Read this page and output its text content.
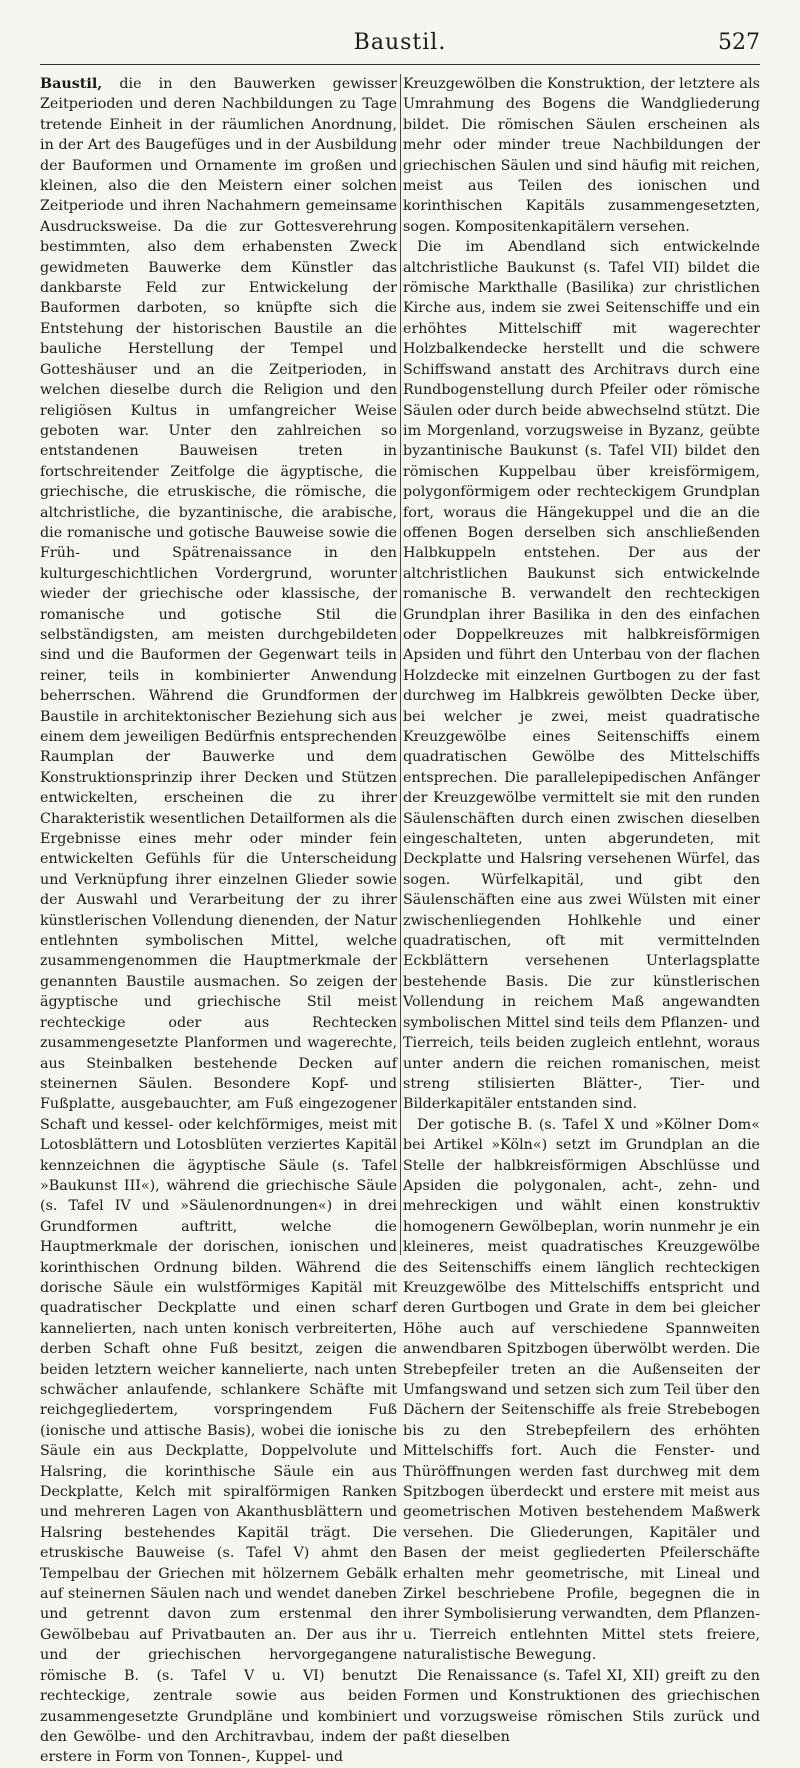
Baustil.	527

Baustil, die in den Bauwerken gewisser Zeitperioden und deren Nachbildungen zu Tage tretende Einheit in der räumlichen Anordnung, in der Art des Baugefüges und in der Ausbildung der Bauformen und Ornamente im großen und kleinen, also die den Meistern einer solchen Zeitperiode und ihren Nachahmern gemeinsame Ausdrucksweise. Da die zur Gottesverehrung bestimmten, also dem erhabensten Zweck gewidmeten Bauwerke dem Künstler das dankbarste Feld zur Entwickelung der Bauformen darboten, so knüpfte sich die Entstehung der historischen Baustile an die bauliche Herstellung der Tempel und Gotteshäuser und an die Zeitperioden, in welchen dieselbe durch die Religion und den religiösen Kultus in umfangreicher Weise geboten war. Unter den zahlreichen so entstandenen Bauweisen treten in fortschreitender Zeitfolge die ägyptische, die griechische, die etruskische, die römische, die altchristliche, die byzantinische, die arabische, die romanische und gotische Bauweise sowie die Früh- und Spätrenaissance in den kulturgeschichtlichen Vordergrund, worunter wieder der griechische oder klassische, der romanische und gotische Stil die selbständigsten, am meisten durchgebildeten sind und die Bauformen der Gegenwart teils in reiner, teils in kombinierter Anwendung beherrschen. Während die Grundformen der Baustile in architektonischer Beziehung sich aus einem dem jeweiligen Bedürfnis entsprechenden Raumplan der Bauwerke und dem Konstruktionsprinzip ihrer Decken und Stützen entwickelten, erscheinen die zu ihrer Charakteristik wesentlichen Detailformen als die Ergebnisse eines mehr oder minder fein entwickelten Gefühls für die Unterscheidung und Verknüpfung ihrer einzelnen Glieder sowie der Auswahl und Verarbeitung der zu ihrer künstlerischen Vollendung dienenden, der Natur entlehnten symbolischen Mittel, welche zusammengenommen die Hauptmerkmale der genannten Baustile ausmachen. So zeigen der ägyptische und griechische Stil meist rechteckige oder aus Rechtecken zusammengesetzte Planformen und wagerechte, aus Steinbalken bestehende Decken auf steinernen Säulen. Besondere Kopf- und Fußplatte, ausgebauchter, am Fuß eingezogener Schaft und kessel- oder kelchförmiges, meist mit Lotosblättern und Lotosblüten verziertes Kapitäl kennzeichnen die ägyptische Säule (s. Tafel »Baukunst III«), während die griechische Säule (s. Tafel IV und »Säulenordnungen«) in drei Grundformen auftritt, welche die Hauptmerkmale der dorischen, ionischen und korinthischen Ordnung bilden. Während die dorische Säule ein wulstförmiges Kapitäl mit quadratischer Deckplatte und einen scharf kannelierten, nach unten konisch verbreiterten, derben Schaft ohne Fuß besitzt, zeigen die beiden letztern weicher kannelierte, nach unten schwächer anlaufende, schlankere Schäfte mit reichgegliedertem, vorspringendem Fuß (ionische und attische Basis), wobei die ionische Säule ein aus Deckplatte, Doppelvolute und Halsring, die korinthische Säule ein aus Deckplatte, Kelch mit spiralförmigen Ranken und mehreren Lagen von Akanthusblättern und Halsring bestehendes Kapitäl trägt. Die etruskische Bauweise (s. Tafel V) ahmt den Tempelbau der Griechen mit hölzernem Gebälk auf steinernen Säulen nach und wendet daneben und getrennt davon zum erstenmal den Gewölbebau auf Privatbauten an. Der aus ihr und der griechischen hervorgegangene römische B. (s. Tafel V u. VI) benutzt rechteckige, zentrale sowie aus beiden zusammengesetzte Grundpläne und kombiniert den Gewölbe- und den Architravbau, indem der erstere in Form von Tonnen-, Kuppel- und

Kreuzgewölben die Konstruktion, der letztere als Umrahmung des Bogens die Wandgliederung bildet. Die römischen Säulen erscheinen als mehr oder minder treue Nachbildungen der griechischen Säulen und sind häufig mit reichen, meist aus Teilen des ionischen und korinthischen Kapitäls zusammengesetzten, sogen. Kompositenkapitälern versehen.

Die im Abendland sich entwickelnde altchristliche Baukunst (s. Tafel VII) bildet die römische Markthalle (Basilika) zur christlichen Kirche aus, indem sie zwei Seitenschiffe und ein erhöhtes Mittelschiff mit wagerechter Holzbalkendecke herstellt und die schwere Schiffswand anstatt des Architravs durch eine Rundbogenstellung durch Pfeiler oder römische Säulen oder durch beide abwechselnd stützt. Die im Morgenland, vorzugsweise in Byzanz, geübte byzantinische Baukunst (s. Tafel VII) bildet den römischen Kuppelbau über kreisförmigem, polygonförmigem oder rechteckigem Grundplan fort, woraus die Hängekuppel und die an die offenen Bogen derselben sich anschließenden Halbkuppeln entstehen. Der aus der altchristlichen Baukunst sich entwickelnde romanische B. verwandelt den rechteckigen Grundplan ihrer Basilika in den des einfachen oder Doppelkreuzes mit halbkreisförmigen Apsiden und führt den Unterbau von der flachen Holzdecke mit einzelnen Gurtbogen zu der fast durchweg im Halbkreis gewölbten Decke über, bei welcher je zwei, meist quadratische Kreuzgewölbe eines Seitenschiffs einem quadratischen Gewölbe des Mittelschiffs entsprechen. Die parallelepipedischen Anfänger der Kreuzgewölbe vermittelt sie mit den runden Säulenschäften durch einen zwischen dieselben eingeschalteten, unten abgerundeten, mit Deckplatte und Halsring versehenen Würfel, das sogen. Würfelkapitäl, und gibt den Säulenschäften eine aus zwei Wülsten mit einer zwischenliegenden Hohlkehle und einer quadratischen, oft mit vermittelnden Eckblättern versehenen Unterlagsplatte bestehende Basis. Die zur künstlerischen Vollendung in reichem Maß angewandten symbolischen Mittel sind teils dem Pflanzen- und Tierreich, teils beiden zugleich entlehnt, woraus unter andern die reichen romanischen, meist streng stilisierten Blätter-, Tier- und Bilderkapitäler entstanden sind.

Der gotische B. (s. Tafel X und »Kölner Dom« bei Artikel »Köln«) setzt im Grundplan an die Stelle der halbkreisförmigen Abschlüsse und Apsiden die polygonalen, acht-, zehn- und mehreckigen und wählt einen konstruktiv homogenern Gewölbeplan, worin nunmehr je ein kleineres, meist quadratisches Kreuzgewölbe des Seitenschiffs einem länglich rechteckigen Kreuzgewölbe des Mittelschiffs entspricht und deren Gurtbogen und Grate in dem bei gleicher Höhe auch auf verschiedene Spannweiten anwendbaren Spitzbogen überwölbt werden. Die Strebepfeiler treten an die Außenseiten der Umfangswand und setzen sich zum Teil über den Dächern der Seitenschiffe als freie Strebebogen bis zu den Strebepfeilern des erhöhten Mittelschiffs fort. Auch die Fenster- und Thüröffnungen werden fast durchweg mit dem Spitzbogen überdeckt und erstere mit meist aus geometrischen Motiven bestehendem Maßwerk versehen. Die Gliederungen, Kapitäler und Basen der meist gegliederten Pfeilerschäfte erhalten mehr geometrische, mit Lineal und Zirkel beschriebene Profile, begegnen die in ihrer Symbolisierung verwandten, dem Pflanzen- u. Tierreich entlehnten Mittel stets freiere, naturalistische Bewegung.

Die Renaissance (s. Tafel XI, XII) greift zu den Formen und Konstruktionen des griechischen und vorzugsweise römischen Stils zurück und paßt dieselben
